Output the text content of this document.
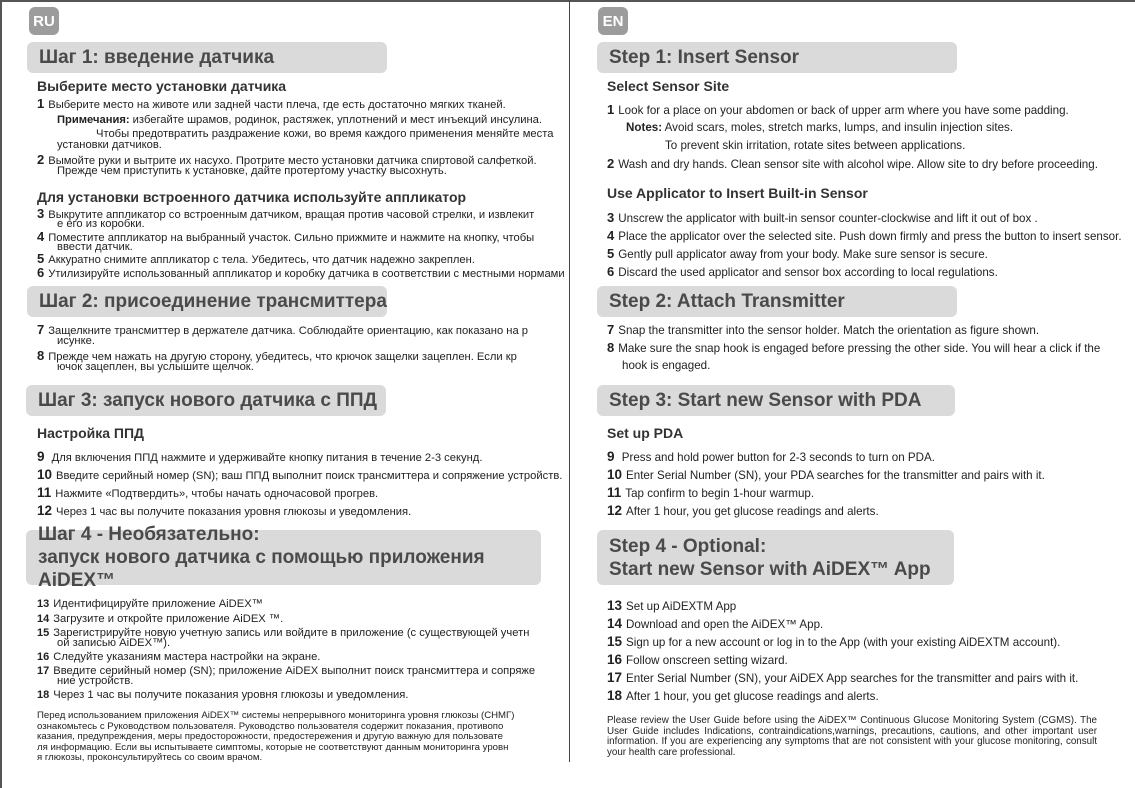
RU
Шаг 1: введение датчика
Выберите место установки датчика
1 Выберите место на животе или задней части плеча, где есть достаточно мягких тканей.
Примечания: избегайте шрамов, родинок, растяжек, уплотнений и мест инъекций инсулина.
Чтобы предотвратить раздражение кожи, во время каждого применения меняйте места
установки датчиков.
2 Вымойте руки и вытрите их насухо. Протрите место установки датчика спиртовой салфеткой.
Прежде чем приступить к установке, дайте протертому участку высохнуть.
Для установки встроенного датчика используйте аппликатор
3 Выкрутите аппликатор со встроенным датчиком, вращая против часовой стрелки, и извлекит
е его из коробки.
4 Поместите аппликатор на выбранный участок. Сильно прижмите и нажмите на кнопку, чтобы
ввести датчик.
5 Аккуратно снимите аппликатор с тела. Убедитесь, что датчик надежно закреплен.
6 Утилизируйте использованный аппликатор и коробку датчика в соответствии с местными нормами
Шаг 2: присоединение трансмиттера
7 Защелкните трансмиттер в держателе датчика. Соблюдайте ориентацию, как показано на р
исунке.
8 Прежде чем нажать на другую сторону, убедитесь, что крючок защелки зацеплен. Если кр
ючок зацеплен, вы услышите щелчок.
Шаг 3: запуск нового датчика с ППД
Настройка ППД
9 Для включения ППД нажмите и удерживайте кнопку питания в течение 2-3 секунд.
10 Введите серийный номер (SN); ваш ППД выполнит поиск трансмиттера и сопряжение устройств.
11 Нажмите «Подтвердить», чтобы начать одночасовой прогрев.
12 Через 1 час вы получите показания уровня глюкозы и уведомления.
Шаг 4 - Необязательно:
запуск нового датчика с помощью приложения AiDEX™
13 Идентифицируйте приложение AiDEX™
14 Загрузите и откройте приложение AiDEX ™.
15 Зарегистрируйте новую учетную запись или войдите в приложение (с существующей учетн
ой записью AiDEX™).
16 Следуйте указаниям мастера настройки на экране.
17 Введите серийный номер (SN); приложение AiDEX выполнит поиск трансмиттера и сопряже
ние устройств.
18 Через 1 час вы получите показания уровня глюкозы и уведомления.
Перед использованием приложения AiDEX™ системы непрерывного мониторинга уровня глюкозы (СНМГ)
ознакомьтесь с Руководством пользователя. Руководство пользователя содержит показания, противопо
казания, предупреждения, меры предосторожности, предостережения и другую важную для пользовате
ля информацию. Если вы испытываете симптомы, которые не соответствуют данным мониторинга уровн
я глюкозы, проконсультируйтесь со своим врачом.
EN
Step 1: Insert Sensor
Select Sensor Site
1 Look for a place on your abdomen or back of upper arm where you have some padding.
Notes: Avoid scars, moles, stretch marks, lumps, and insulin injection sites.
To prevent skin irritation, rotate sites between applications.
2 Wash and dry hands. Clean sensor site with alcohol wipe. Allow site to dry before proceeding.
Use Applicator to Insert Built-in Sensor
3 Unscrew the applicator with built-in sensor counter-clockwise and lift it out of box .
4 Place the applicator over the selected site. Push down firmly and press the button to insert sensor.
5 Gently pull applicator away from your body. Make sure sensor is secure.
6 Discard the used applicator and sensor box according to local regulations.
Step 2: Attach Transmitter
7 Snap the transmitter into the sensor holder. Match the orientation as figure shown.
8 Make sure the snap hook is engaged before pressing the other side. You will hear a click if the
hook is engaged.
Step 3: Start new Sensor with PDA
Set up PDA
9 Press and hold power button for 2-3 seconds to turn on PDA.
10 Enter Serial Number (SN), your PDA searches for the transmitter and pairs with it.
11 Tap confirm to begin 1-hour warmup.
12 After 1 hour, you get glucose readings and alerts.
Step 4 - Optional:
Start new Sensor with AiDEX™ App
13 Set up AiDEXTM App
14 Download and open the AiDEX™ App.
15 Sign up for a new account or log in to the App (with your existing AiDEXTM account).
16 Follow onscreen setting wizard.
17 Enter Serial Number (SN), your AiDEX App searches for the transmitter and pairs with it.
18 After 1 hour, you get glucose readings and alerts.
Please review the User Guide before using the AiDEX™ Continuous Glucose Monitoring System (CGMS). The User Guide includes Indications, contraindications,warnings, precautions, cautions, and other important user information. If you are experiencing any symptoms that are not consistent with your glucose monitoring, consult your health care professional.
